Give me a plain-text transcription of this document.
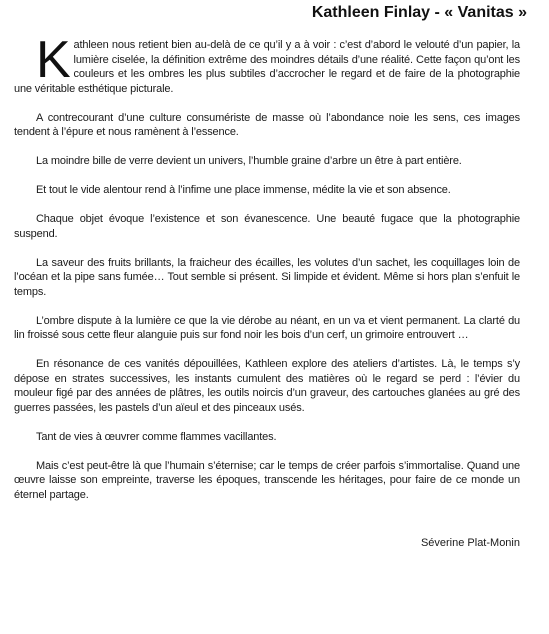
Kathleen Finlay - « Vanitas »

Kathleen nous retient bien au-delà de ce qu’il y a à voir : c’est d’abord le velouté d’un papier, la lumière ciselée, la définition extrême des moindres détails d’une réalité. Cette façon qu’ont les couleurs et les ombres les plus subtiles d’accrocher le regard et de faire de la photographie une véritable esthétique picturale.

A contrecourant d’une culture consumériste de masse où l’abondance noie les sens, ces images tendent à l’épure et nous ramènent à l’essence.

La moindre bille de verre devient un univers, l’humble graine d’arbre un être à part entière.

Et tout le vide alentour rend à l’infime une place immense, médite la vie et son absence.

Chaque objet évoque l’existence et son évanescence. Une beauté fugace que la photographie suspend.

La saveur des fruits brillants, la fraicheur des écailles, les volutes d’un sachet, les coquillages loin de l’océan et la pipe sans fumée… Tout semble si présent. Si limpide et évident. Même si hors plan s’enfuit le temps.

L’ombre dispute à la lumière ce que la vie dérobe au néant, en un va et vient permanent. La clarté du lin froissé sous cette fleur alanguie puis sur fond noir les bois d’un cerf, un grimoire entrouvert …

En résonance de ces vanités dépouillées, Kathleen explore des ateliers d’artistes. Là, le temps s’y dépose en strates successives, les instants cumulent des matières où le regard se perd : l’évier du mouleur figé par des années de plâtres, les outils noircis d’un graveur, des cartouches glanées au gré des guerres passées, les pastels d’un aïeul et des pinceaux usés.

Tant de vies à œuvrer comme flammes vacillantes.

Mais c’est peut-être là que l’humain s’éternise; car le temps de créer parfois s’immortalise. Quand une œuvre laisse son empreinte, traverse les époques, transcende les héritages, pour faire de ce monde un éternel partage.

Séverine Plat-Monin
